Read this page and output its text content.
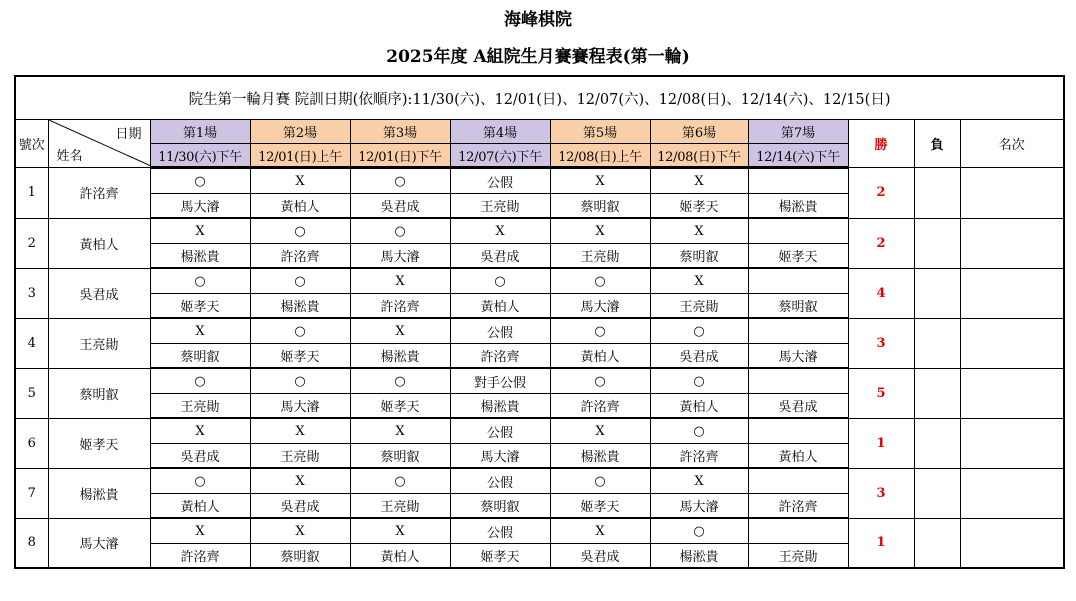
海峰棋院
2025年度 A組院生月賽賽程表(第一輪)
院生第一輪月賽 院訓日期(依順序):11/30(六)、12/01(日)、12/07(六)、12/08(日)、12/14(六)、12/15(日)											
號次	日期
姓名	第1場	第2場	第3場	第4場	第5場	第6場	第7場	勝	負	名次
		11/30(六)下午	12/01(日)上午	12/01(日)下午	12/07(六)下午	12/08(日)上午	12/08(日)下午	12/14(六)下午			
1	許洺齊	○	X	○	公假	X	X		2		
		馬大濬	黃柏人	吳君成	王亮勛	蔡明叡	姬孝天	楊淞貴			
2	黃柏人	X	○	○	X	X	X		2		
		楊淞貴	許洺齊	馬大濬	吳君成	王亮勛	蔡明叡	姬孝天			
3	吳君成	○	○	X	○	○	X		4		
		姬孝天	楊淞貴	許洺齊	黃柏人	馬大濬	王亮勛	蔡明叡			
4	王亮勛	X	○	X	公假	○	○		3		
		蔡明叡	姬孝天	楊淞貴	許洺齊	黃柏人	吳君成	馬大濬			
5	蔡明叡	○	○	○	對手公假	○	○		5		
		王亮勛	馬大濬	姬孝天	楊淞貴	許洺齊	黃柏人	吳君成			
6	姬孝天	X	X	X	公假	X	○		1		
		吳君成	王亮勛	蔡明叡	馬大濬	楊淞貴	許洺齊	黃柏人			
7	楊淞貴	○	X	○	公假	○	X		3		
		黃柏人	吳君成	王亮勛	蔡明叡	姬孝天	馬大濬	許洺齊			
8	馬大濬	X	X	X	公假	X	○		1		
		許洺齊	蔡明叡	黃柏人	姬孝天	吳君成	楊淞貴	王亮勛			
